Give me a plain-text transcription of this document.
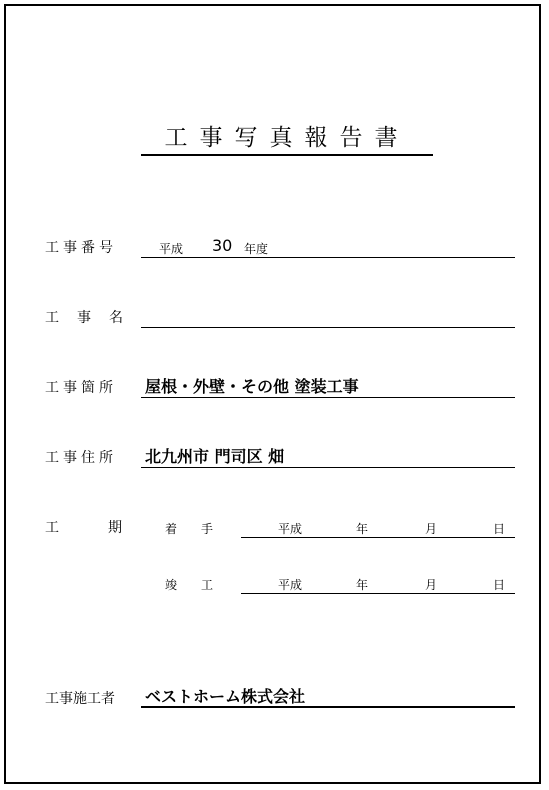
工事写真報告書
工事番号	平成 30 年度
工　事　名
工事箇所 屋根・外壁・その他 塗装工事
工事住所 北九州市 門司区 畑
工　　期	着　手	平成	年	月	日
竣　工	平成	年	月	日
工事施工者 ベストホーム株式会社
